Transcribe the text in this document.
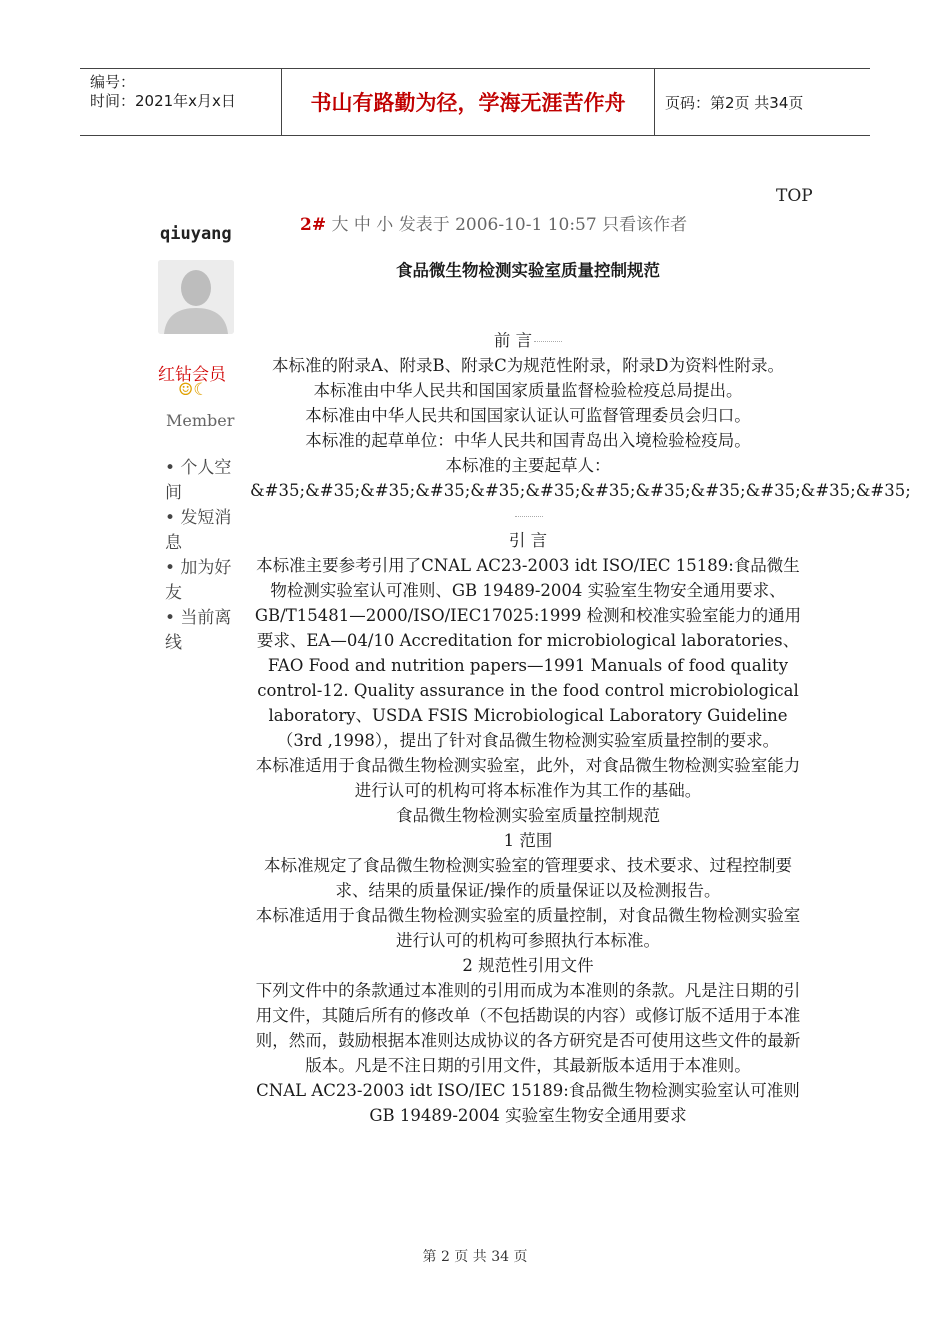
编号：
时间：2021年x月x日	书山有路勤为径，学海无涯苦作舟	页码：第2页 共34页
TOP
qiuyang
红钻会员
☺☾
Member
• 个人空间
• 发短消息
• 加为好友
• 当前离线
2# 大 中 小 发表于 2006-10-1 10:57 只看该作者
食品微生物检测实验室质量控制规范

前 言

本标准的附录A、附录B、附录C为规范性附录，附录D为资料性附录。

本标准由中华人民共和国国家质量监督检验检疫总局提出。

本标准由中华人民共和国国家认证认可监督管理委员会归口。

本标准的起草单位：中华人民共和国青岛出入境检验检疫局。

本标准的主要起草人：

&#35;&#35;&#35;&#35;&#35;&#35;&#35;&#35;&#35;&#35;&#35;&#35;

引 言

本标准主要参考引用了CNAL AC23-2003 idt ISO/IEC 15189:食品微生物检测实验室认可准则、GB 19489-2004 实验室生物安全通用要求、GB/T15481—2000/ISO/IEC17025:1999 检测和校准实验室能力的通用要求、EA—04/10 Accreditation for microbiological laboratories、FAO Food and nutrition papers—1991 Manuals of food quality control-12. Quality assurance in the food control microbiological laboratory、USDA FSIS Microbiological Laboratory Guideline（3rd ,1998），提出了针对食品微生物检测实验室质量控制的要求。

本标准适用于食品微生物检测实验室，此外，对食品微生物检测实验室能力进行认可的机构可将本标准作为其工作的基础。

食品微生物检测实验室质量控制规范

1 范围

本标准规定了食品微生物检测实验室的管理要求、技术要求、过程控制要求、结果的质量保证/操作的质量保证以及检测报告。

本标准适用于食品微生物检测实验室的质量控制，对食品微生物检测实验室进行认可的机构可参照执行本标准。

2 规范性引用文件

下列文件中的条款通过本准则的引用而成为本准则的条款。凡是注日期的引用文件，其随后所有的修改单（不包括勘误的内容）或修订版不适用于本准则，然而，鼓励根据本准则达成协议的各方研究是否可使用这些文件的最新版本。凡是不注日期的引用文件，其最新版本适用于本准则。

CNAL AC23-2003 idt ISO/IEC 15189:食品微生物检测实验室认可准则

GB 19489-2004 实验室生物安全通用要求

第 2 页 共 34 页
